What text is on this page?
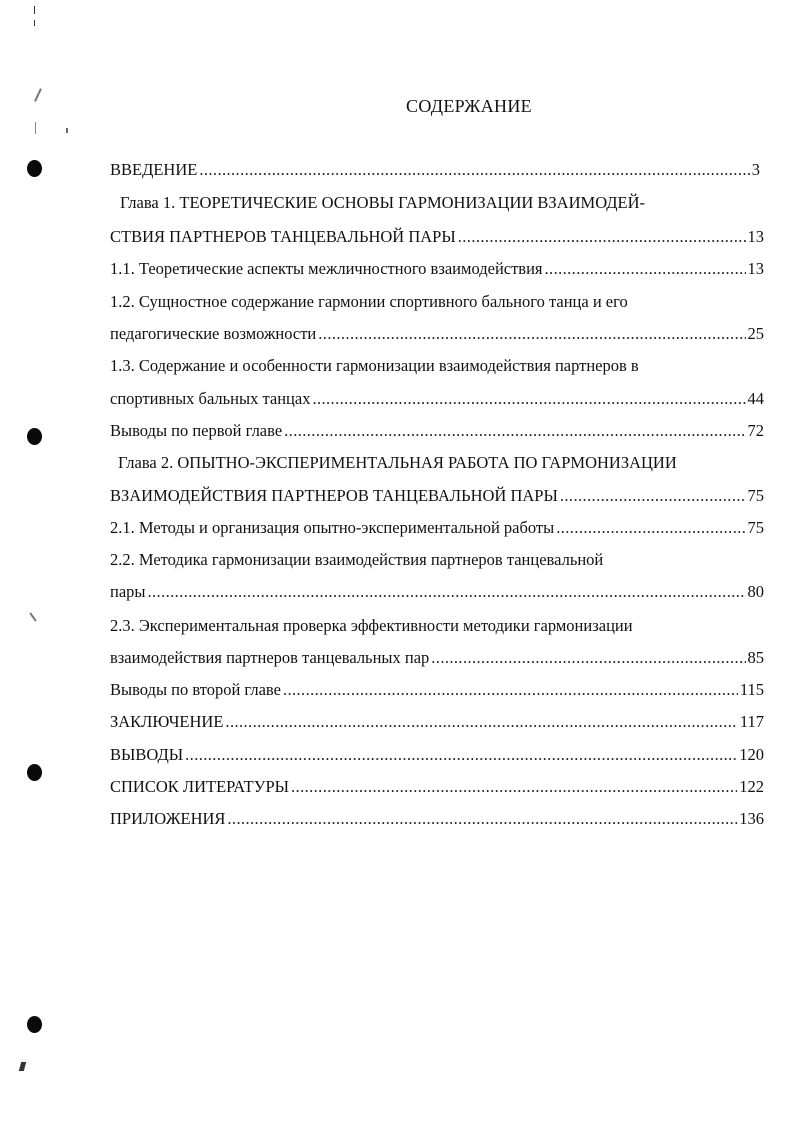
СОДЕРЖАНИЕ
ВВЕДЕНИЕ .....	3
Глава 1. ТЕОРЕТИЧЕСКИЕ ОСНОВЫ ГАРМОНИЗАЦИИ ВЗАИМОДЕЙ-
СТВИЯ ПАРТНЕРОВ ТАНЦЕВАЛЬНОЙ ПАРЫ .....	13
1.1. Теоретические аспекты межличностного взаимодействия .....	13
1.2. Сущностное содержание гармонии спортивного бального танца и его
педагогические возможности .....	25
1.3. Содержание и особенности гармонизации взаимодействия партнеров в
спортивных бальных танцах .....	44
Выводы по первой главе .....	72
Глава 2. ОПЫТНО-ЭКСПЕРИМЕНТАЛЬНАЯ РАБОТА ПО ГАРМОНИЗАЦИИ
ВЗАИМОДЕЙСТВИЯ ПАРТНЕРОВ ТАНЦЕВАЛЬНОЙ ПАРЫ .....	75
2.1. Методы и организация опытно-экспериментальной работы .....	75
2.2. Методика гармонизации взаимодействия партнеров танцевальной
пары .....	80
2.3. Экспериментальная проверка эффективности методики гармонизации
взаимодействия партнеров танцевальных пар .....	85
Выводы по второй главе .....	115
ЗАКЛЮЧЕНИЕ .....	117
ВЫВОДЫ .....	120
СПИСОК ЛИТЕРАТУРЫ .....	122
ПРИЛОЖЕНИЯ .....	136
